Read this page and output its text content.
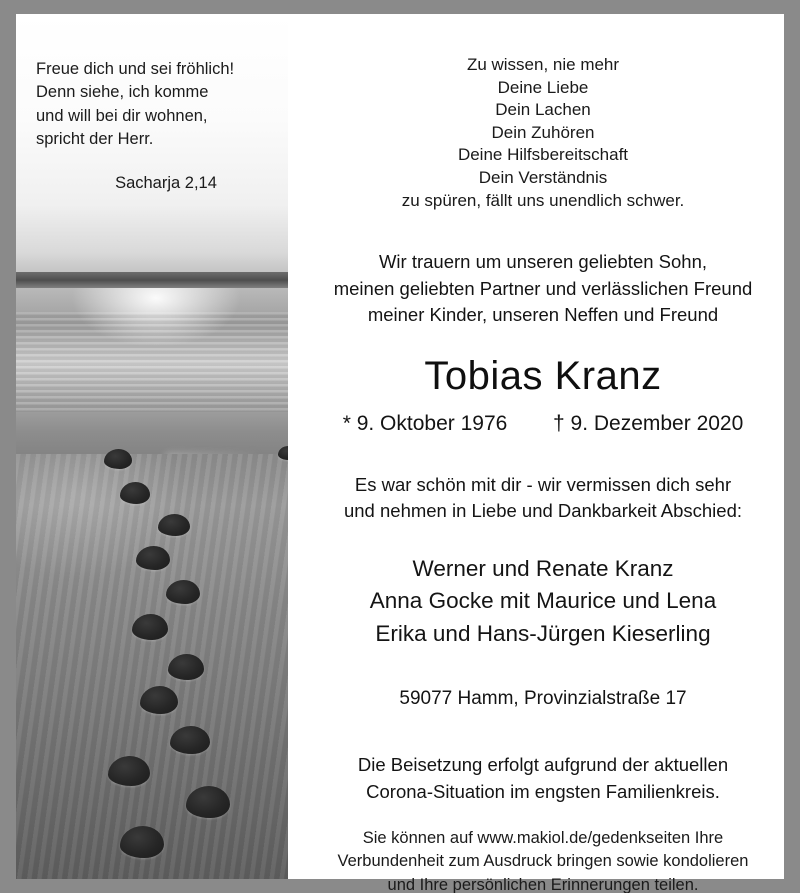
Freue dich und sei fröhlich!
Denn siehe, ich komme
und will bei dir wohnen,
spricht der Herr.
Sacharja 2,14
Zu wissen, nie mehr
Deine Liebe
Dein Lachen
Dein Zuhören
Deine Hilfsbereitschaft
Dein Verständnis
zu spüren, fällt uns unendlich schwer.
Wir trauern um unseren geliebten Sohn,
meinen geliebten Partner und verlässlichen Freund
meiner Kinder, unseren Neffen und Freund
Tobias Kranz
* 9. Oktober 1976 † 9. Dezember 2020
Es war schön mit dir - wir vermissen dich sehr
und nehmen in Liebe und Dankbarkeit Abschied:
Werner und Renate Kranz
Anna Gocke mit Maurice und Lena
Erika und Hans-Jürgen Kieserling
59077 Hamm, Provinzialstraße 17
Die Beisetzung erfolgt aufgrund der aktuellen
Corona-Situation im engsten Familienkreis.
Sie können auf www.makiol.de/gedenkseiten Ihre
Verbundenheit zum Ausdruck bringen sowie kondolieren
und Ihre persönlichen Erinnerungen teilen.
